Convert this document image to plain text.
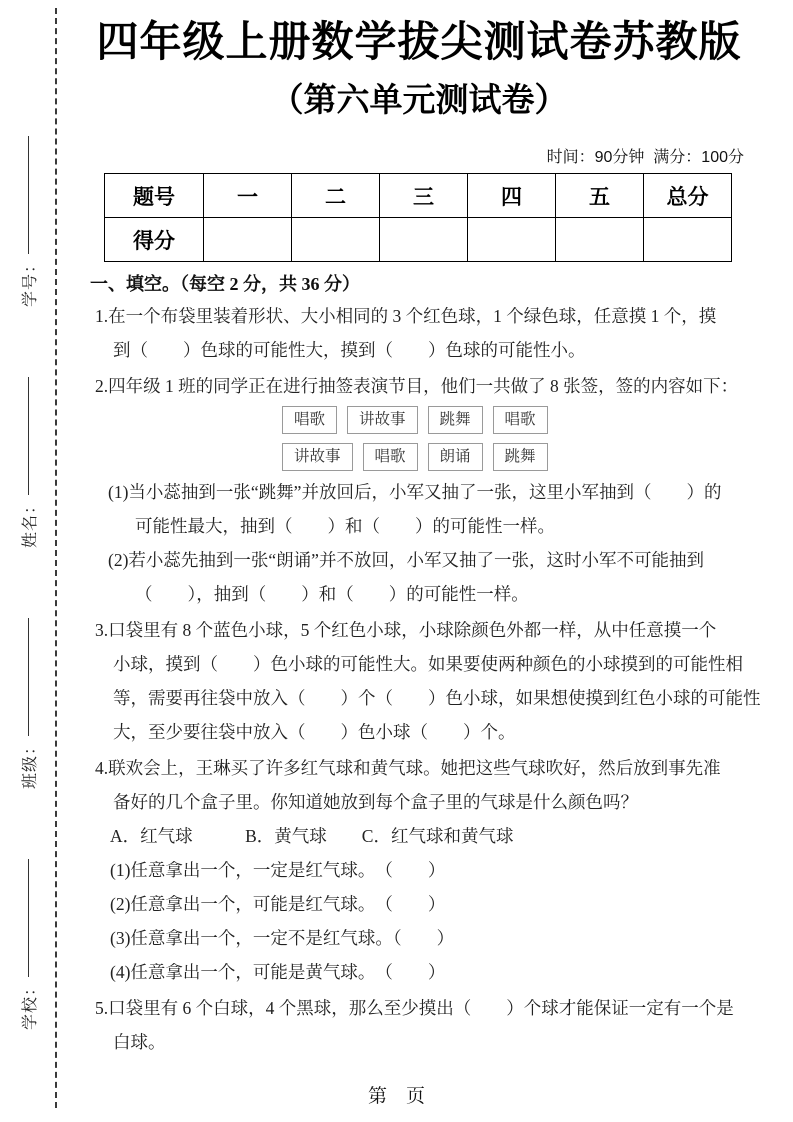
学校：
班级：
姓名：
学号：
四年级上册数学拔尖测试卷苏教版
（第六单元测试卷）
时间：90分钟  满分：100分
题号	一	二	三	四	五	总分
得分						
一、填空。（每空 2 分，共 36 分）
1.在一个布袋里装着形状、大小相同的 3 个红色球，1 个绿色球，任意摸 1 个，摸
到（　　）色球的可能性大，摸到（　　）色球的可能性小。
2.四年级 1 班的同学正在进行抽签表演节目，他们一共做了 8 张签，签的内容如下：
唱歌	讲故事	跳舞	唱歌
讲故事	唱歌	朗诵	跳舞
(1)当小蕊抽到一张“跳舞”并放回后，小军又抽了一张，这里小军抽到（　　）的
可能性最大，抽到（　　）和（　　）的可能性一样。
(2)若小蕊先抽到一张“朗诵”并不放回，小军又抽了一张，这时小军不可能抽到
（　　），抽到（　　）和（　　）的可能性一样。
3.口袋里有 8 个蓝色小球，5 个红色小球，小球除颜色外都一样，从中任意摸一个
小球，摸到（　　）色小球的可能性大。如果要使两种颜色的小球摸到的可能性相
等，需要再往袋中放入（　　）个（　　）色小球，如果想使摸到红色小球的可能性
大，至少要往袋中放入（　　）色小球（　　）个。
4.联欢会上，王琳买了许多红气球和黄气球。她把这些气球吹好，然后放到事先准
备好的几个盒子里。你知道她放到每个盒子里的气球是什么颜色吗？
A．红气球　　　B．黄气球　　C．红气球和黄气球
(1)任意拿出一个，一定是红气球。　（　　）
(2)任意拿出一个，可能是红气球。　（　　）
(3)任意拿出一个，一定不是红气球。（　　）
(4)任意拿出一个，可能是黄气球。　（　　）
5.口袋里有 6 个白球，4 个黑球，那么至少摸出（　　）个球才能保证一定有一个是
白球。
第　页
